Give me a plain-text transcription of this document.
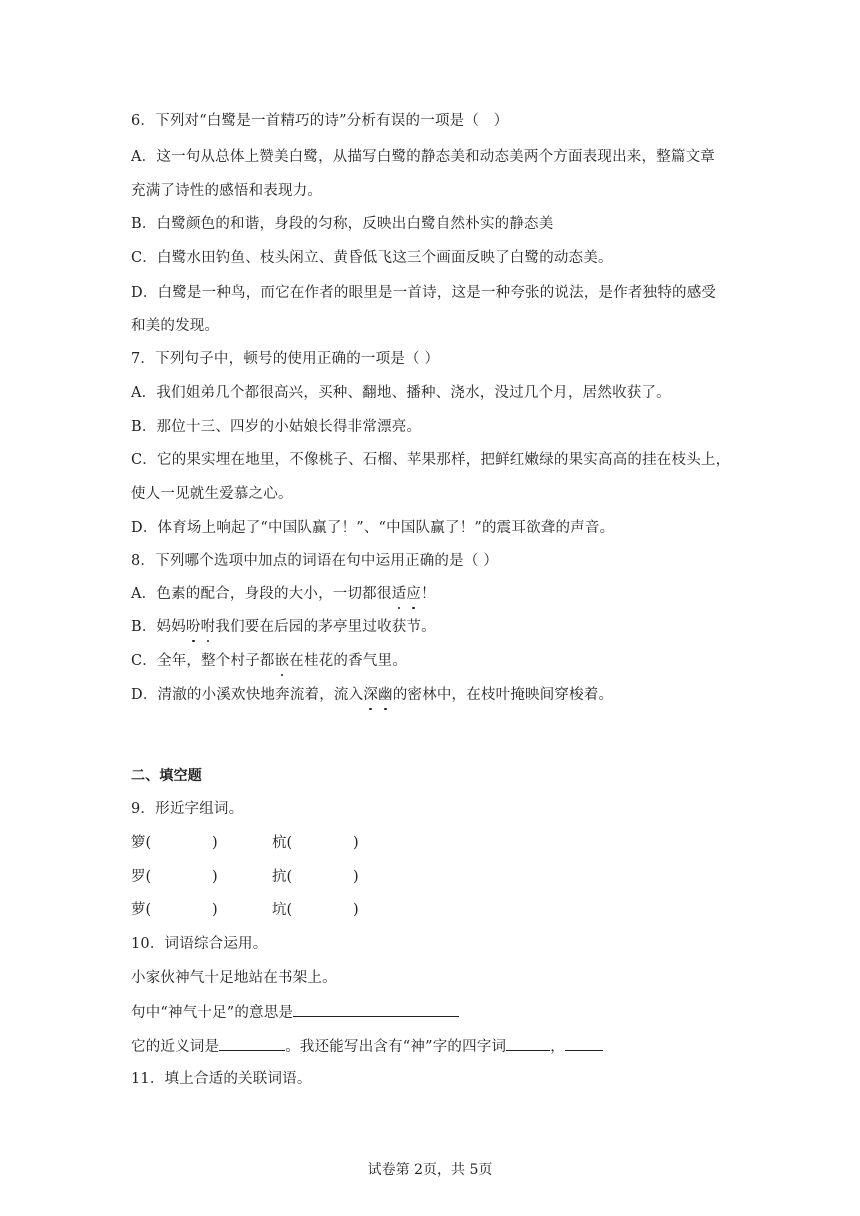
6．下列对“白鹭是一首精巧的诗”分析有误的一项是（　）
A．这一句从总体上赞美白鹭，从描写白鹭的静态美和动态美两个方面表现出来，整篇文章
充满了诗性的感悟和表现力。
B．白鹭颜色的和谐，身段的匀称，反映出白鹭自然朴实的静态美
C．白鹭水田钓鱼、枝头闲立、黄昏低飞这三个画面反映了白鹭的动态美。
D．白鹭是一种鸟，而它在作者的眼里是一首诗，这是一种夸张的说法，是作者独特的感受
和美的发现。
7．下列句子中，顿号的使用正确的一项是（ ）
A．我们姐弟几个都很高兴，买种、翻地、播种、浇水，没过几个月，居然收获了。
B．那位十三、四岁的小姑娘长得非常漂亮。
C．它的果实埋在地里，不像桃子、石榴、苹果那样，把鲜红嫩绿的果实高高的挂在枝头上，
使人一见就生爱慕之心。
D．体育场上响起了“中国队赢了！”、“中国队赢了！”的震耳欲聋的声音。
8．下列哪个选项中加点的词语在句中运用正确的是（ ）
A．色素的配合，身段的大小，一切都很适应！
B．妈妈吩咐我们要在后园的茅亭里过收获节。
C．全年，整个村子都嵌在桂花的香气里。
D．清澈的小溪欢快地奔流着，流入深幽的密林中，在枝叶掩映间穿梭着。
二、填空题
9．形近字组词。
箩(	)	杭(	)
罗(	)	抗(	)
萝(	)	坑(	)
10．词语综合运用。
小家伙神气十足地站在书架上。
句中“神气十足”的意思是
它的近义词是	。我还能写出含有“神”字的四字词	，
11．填上合适的关联词语。
试卷第 2页，共 5页
